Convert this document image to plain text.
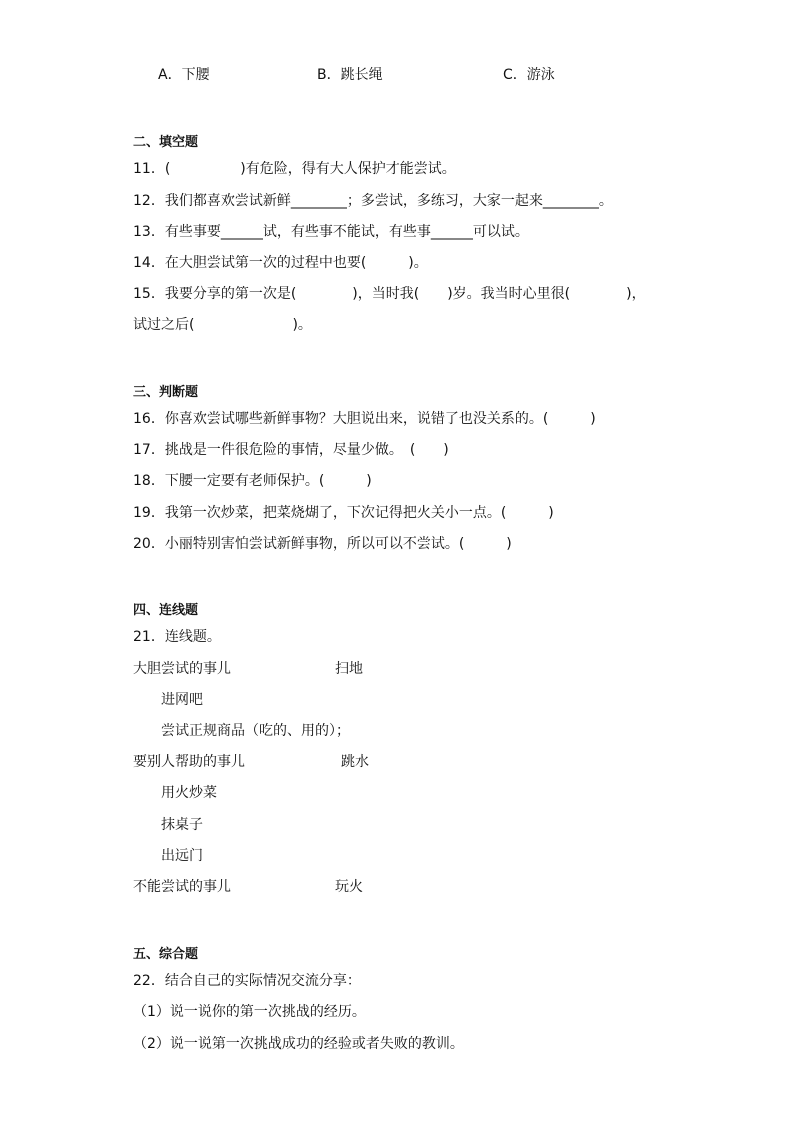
A．下腰	B．跳长绳	C．游泳
二、填空题
11．(　　　　　)有危险，得有大人保护才能尝试。
12．我们都喜欢尝试新鲜________；多尝试，多练习，大家一起来________。
13．有些事要______试，有些事不能试，有些事______可以试。
14．在大胆尝试第一次的过程中也要(　　　)。
15．我要分享的第一次是(　　　　)，当时我(　　)岁。我当时心里很(　　　　)，
试过之后(　　　　　　　)。
三、判断题
16．你喜欢尝试哪些新鲜事物？大胆说出来，说错了也没关系的。(　　　)
17．挑战是一件很危险的事情，尽量少做。　(　　)
18．下腰一定要有老师保护。(　　　)
19．我第一次炒菜，把菜烧煳了，下次记得把火关小一点。(　　　)
20．小丽特别害怕尝试新鲜事物，所以可以不尝试。(　　　)
四、连线题
21．连线题。
大胆尝试的事儿	扫地
进网吧
尝试正规商品（吃的、用的）；
要别人帮助的事儿	跳水
用火炒菜
抹桌子
出远门
不能尝试的事儿	玩火
五、综合题
22．结合自己的实际情况交流分享：
（1）说一说你的第一次挑战的经历。
（2）说一说第一次挑战成功的经验或者失败的教训。
